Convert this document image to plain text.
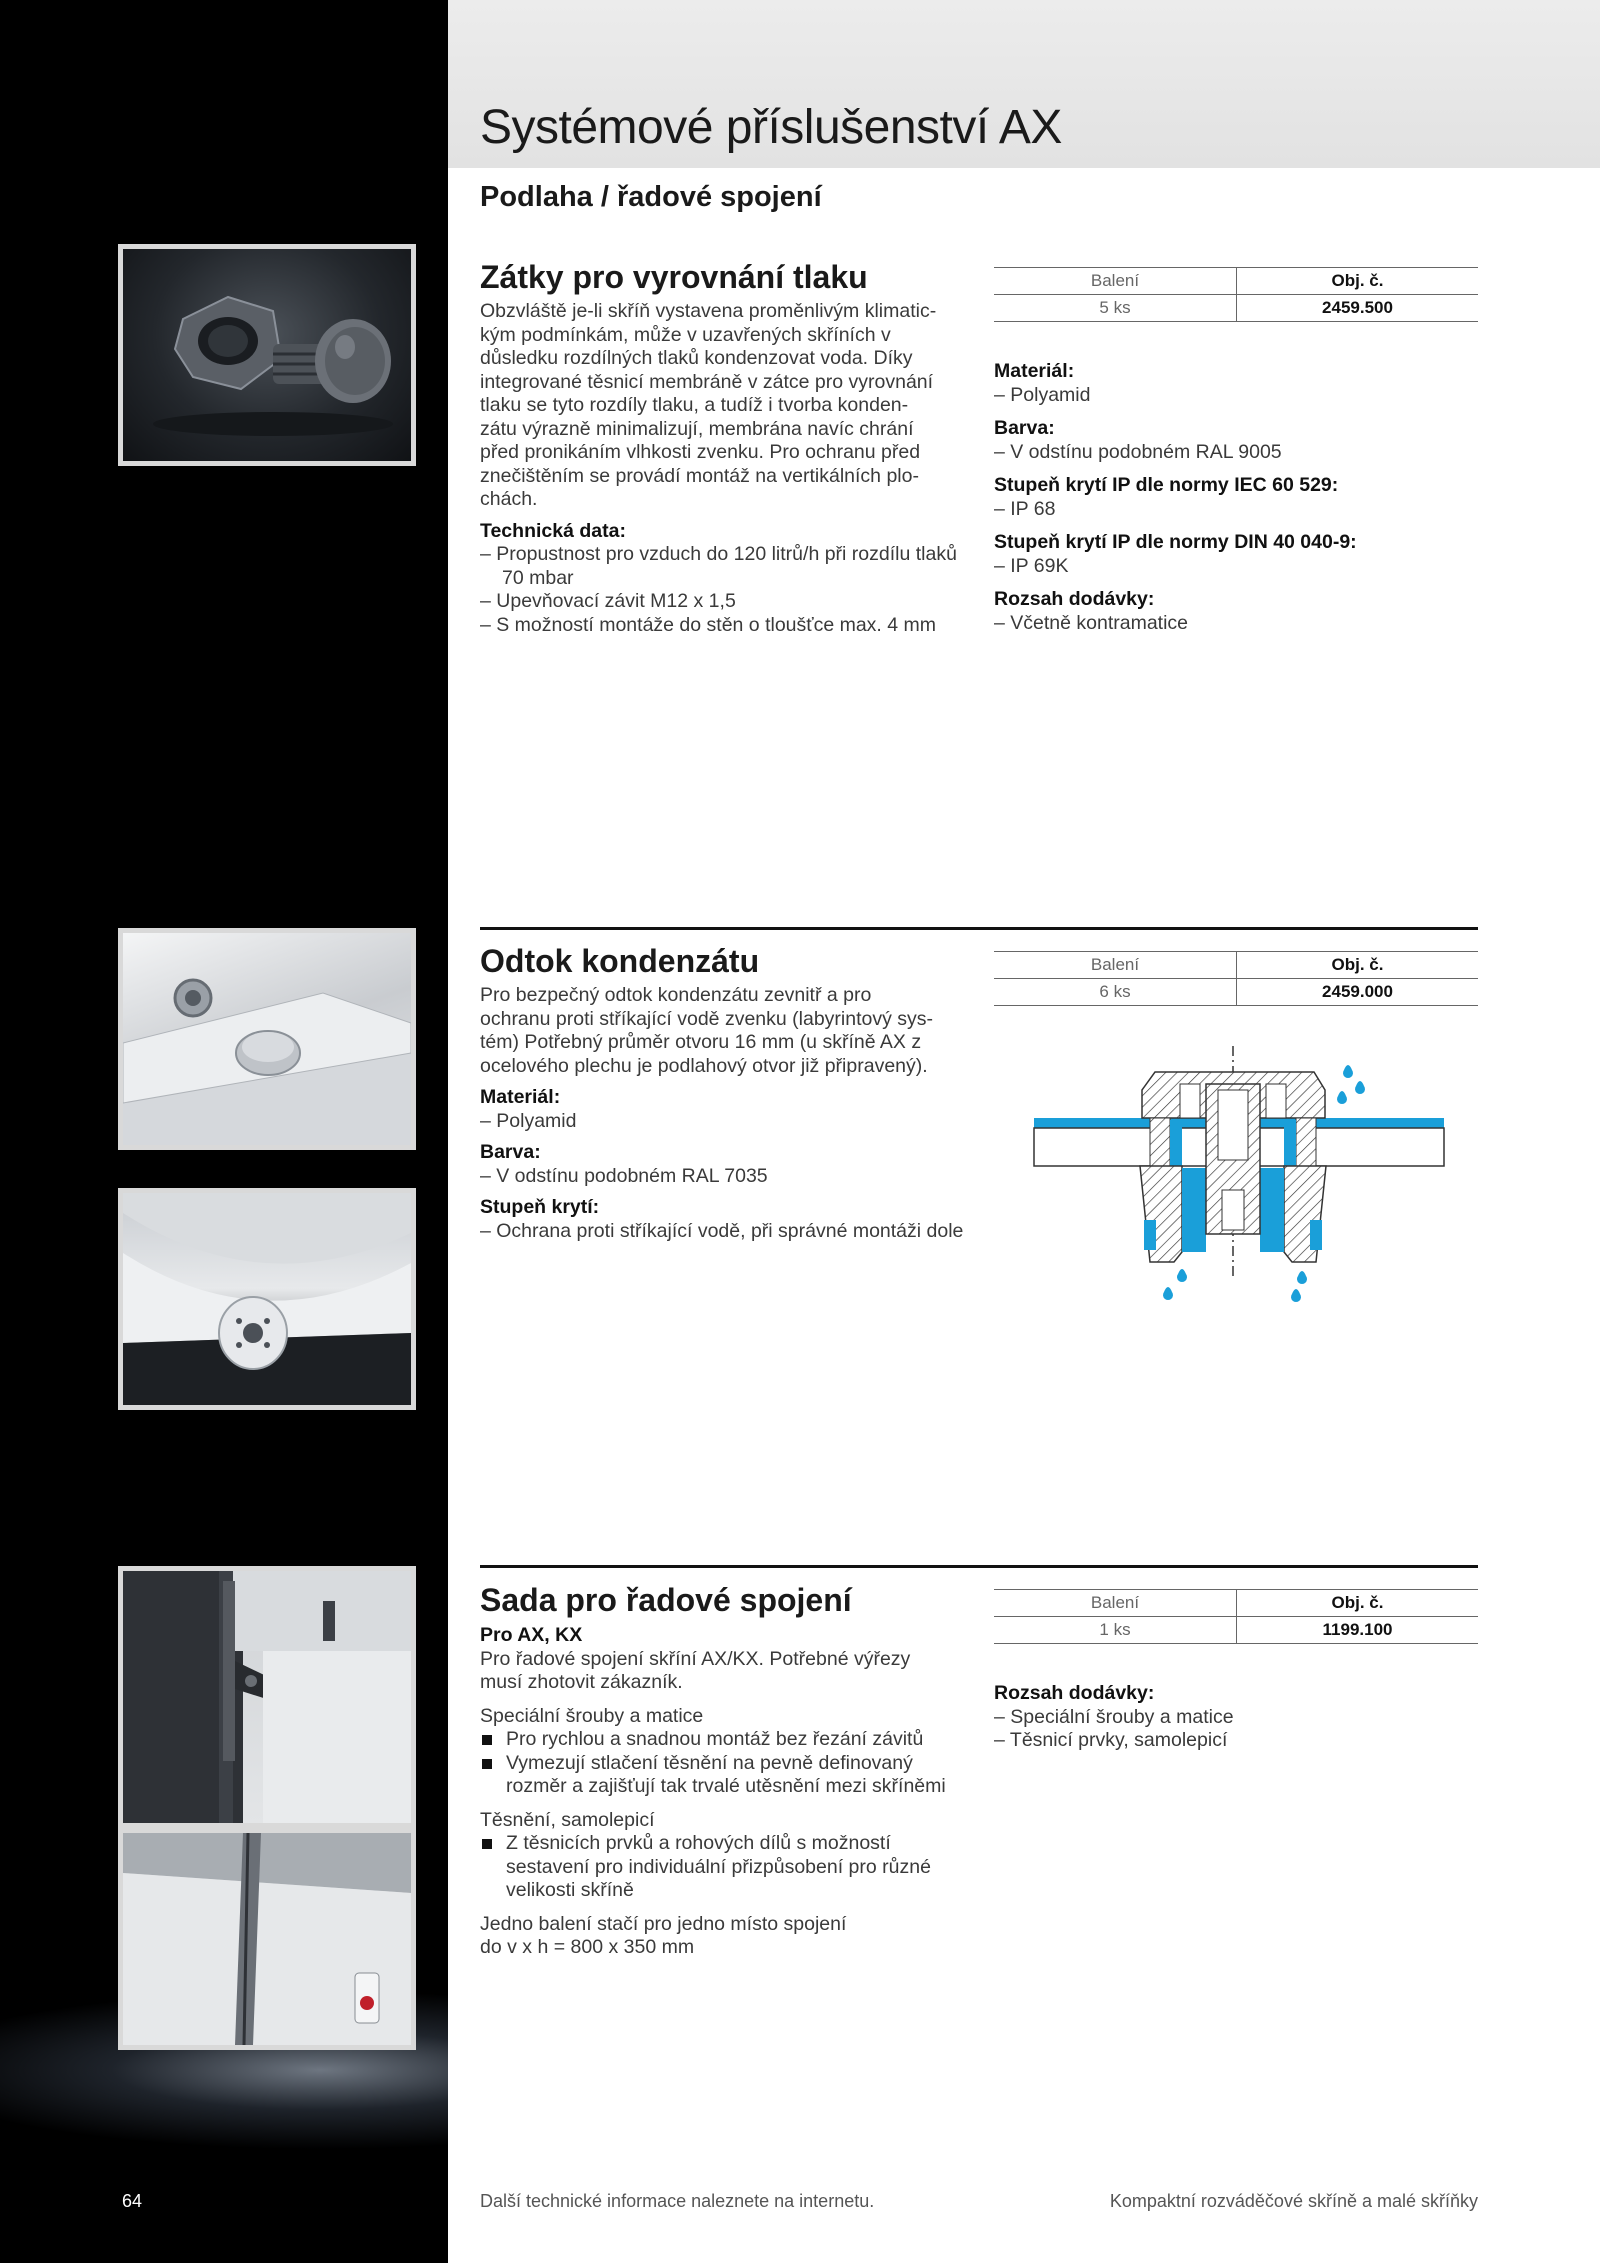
Systémové příslušenství AX
Podlaha / řadové spojení
Zátky pro vyrovnání tlaku

Obzvláště je-li skříň vystavena proměnlivým klimatic-

kým podmínkám, může v uzavřených skříních v

důsledku rozdílných tlaků kondenzovat voda. Díky

integrované těsnicí membráně v zátce pro vyrovnání

tlaku se tyto rozdíly tlaku, a tudíž i tvorba konden-

zátu výrazně minimalizují, membrána navíc chrání

před pronikáním vlhkosti zvenku. Pro ochranu před

znečištěním se provádí montáž na vertikálních plo-

chách.

Technická data:

– Propustnost pro vzduch do 120 litrů/h při rozdílu tlaků 70 mbar

– Upevňovací závit M12 x 1,5

– S možností montáže do stěn o tloušťce max. 4 mm

Balení	Obj. č.
5 ks	2459.500

Materiál:

– Polyamid

Barva:

– V odstínu podobném RAL 9005

Stupeň krytí IP dle normy IEC 60 529:

– IP 68

Stupeň krytí IP dle normy DIN 40 040-9:

– IP 69K

Rozsah dodávky:

– Včetně kontramatice

Odtok kondenzátu

Pro bezpečný odtok kondenzátu zevnitř a pro

ochranu proti stříkající vodě zvenku (labyrintový sys-

tém) Potřebný průměr otvoru 16 mm (u skříně AX z

ocelového plechu je podlahový otvor již připravený).

Materiál:

– Polyamid

Barva:

– V odstínu podobném RAL 7035

Stupeň krytí:

– Ochrana proti stříkající vodě, při správné montáži dole

Balení	Obj. č.
6 ks	2459.000
Sada pro řadové spojení

Pro AX, KX

Pro řadové spojení skříní AX/KX. Potřebné výřezy

musí zhotovit zákazník.

Speciální šrouby a matice

Pro rychlou a snadnou montáž bez řezání závitů

Vymezují stlačení těsnění na pevně definovaný rozměr a zajišťují tak trvalé utěsnění mezi skříněmi

Těsnění, samolepicí

Z těsnicích prvků a rohových dílů s možností sestavení pro individuální přizpůsobení pro různé velikosti skříně

Jedno balení stačí pro jedno místo spojení

do v x h = 800 x 350 mm

Balení	Obj. č.
1 ks	1199.100

Rozsah dodávky:

– Speciální šrouby a matice

– Těsnicí prvky, samolepicí

64	Další technické informace naleznete na internetu.	Kompaktní rozváděčové skříně a malé skříňky
